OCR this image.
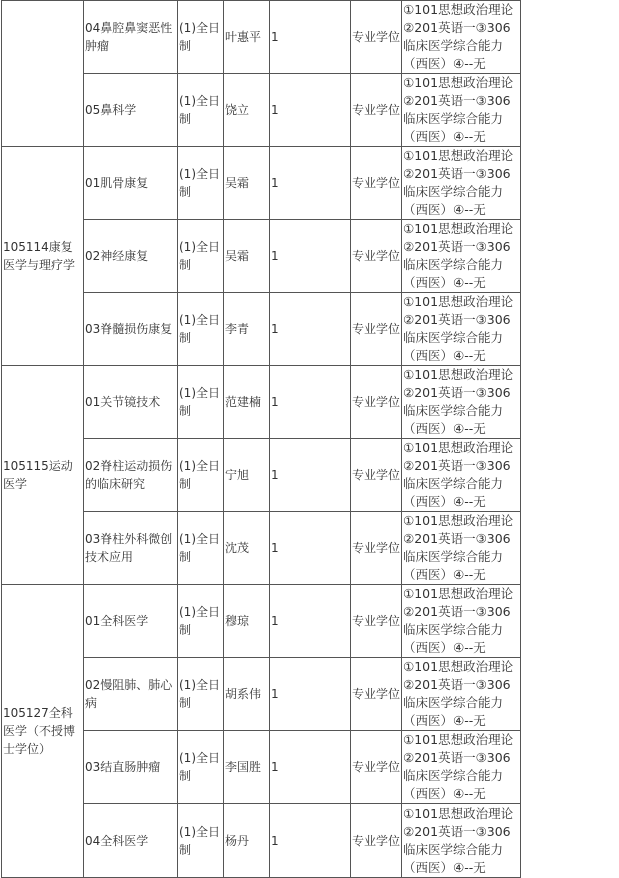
	04鼻腔鼻窦恶性肿瘤	(1)全日制	叶惠平	1	专业学位	①101思想政治理论②201英语一③306临床医学综合能力（西医）④--无

	05鼻科学	(1)全日制	饶立	1	专业学位	①101思想政治理论②201英语一③306临床医学综合能力（西医）④--无

105114康复医学与理疗学	01肌骨康复	(1)全日制	吴霜	1	专业学位	①101思想政治理论②201英语一③306临床医学综合能力（西医）④--无

	02神经康复	(1)全日制	吴霜	1	专业学位	①101思想政治理论②201英语一③306临床医学综合能力（西医）④--无

	03脊髓损伤康复	(1)全日制	李青	1	专业学位	①101思想政治理论②201英语一③306临床医学综合能力（西医）④--无

105115运动医学	01关节镜技术	(1)全日制	范建楠	1	专业学位	①101思想政治理论②201英语一③306临床医学综合能力（西医）④--无

	02脊柱运动损伤的临床研究	(1)全日制	宁旭	1	专业学位	①101思想政治理论②201英语一③306临床医学综合能力（西医）④--无

	03脊柱外科微创技术应用	(1)全日制	沈茂	1	专业学位	①101思想政治理论②201英语一③306临床医学综合能力（西医）④--无

105127全科医学（不授博士学位）	01全科医学	(1)全日制	穆琼	1	专业学位	①101思想政治理论②201英语一③306临床医学综合能力（西医）④--无

	02慢阻肺、肺心病	(1)全日制	胡系伟	1	专业学位	①101思想政治理论②201英语一③306临床医学综合能力（西医）④--无

	03结直肠肿瘤	(1)全日制	李国胜	1	专业学位	①101思想政治理论②201英语一③306临床医学综合能力（西医）④--无

	04全科医学	(1)全日制	杨丹	1	专业学位	①101思想政治理论②201英语一③306临床医学综合能力（西医）④--无
